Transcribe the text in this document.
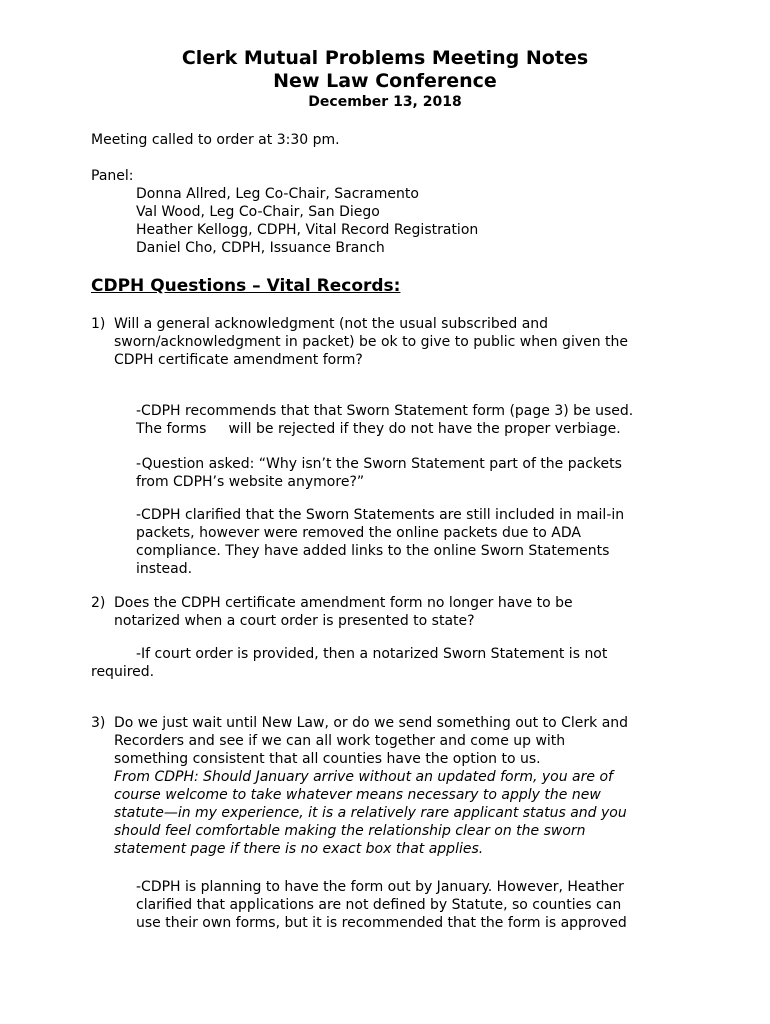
Clerk Mutual Problems Meeting Notes

New Law Conference

December 13, 2018

Meeting called to order at 3:30 pm.
Panel:
Donna Allred, Leg Co-Chair, Sacramento
Val Wood, Leg Co-Chair, San Diego
Heather Kellogg, CDPH, Vital Record Registration
Daniel Cho, CDPH, Issuance Branch
CDPH Questions – Vital Records:
1) Will a general acknowledgment (not the usual subscribed and
sworn/acknowledgment in packet) be ok to give to public when given the
CDPH certificate amendment form?
-CDPH recommends that that Sworn Statement form (page 3) be used.
The forms will be rejected if they do not have the proper verbiage.
-Question asked: “Why isn’t the Sworn Statement part of the packets
from CDPH’s website anymore?”
-CDPH clarified that the Sworn Statements are still included in mail-in
packets, however were removed the online packets due to ADA
compliance. They have added links to the online Sworn Statements
instead.
2) Does the CDPH certificate amendment form no longer have to be
notarized when a court order is presented to state?
-If court order is provided, then a notarized Sworn Statement is not
required.
3) Do we just wait until New Law, or do we send something out to Clerk and
Recorders and see if we can all work together and come up with
something consistent that all counties have the option to us.
From CDPH: Should January arrive without an updated form, you are of
course welcome to take whatever means necessary to apply the new
statute—in my experience, it is a relatively rare applicant status and you
should feel comfortable making the relationship clear on the sworn
statement page if there is no exact box that applies.
-CDPH is planning to have the form out by January. However, Heather
clarified that applications are not defined by Statute, so counties can
use their own forms, but it is recommended that the form is approved
